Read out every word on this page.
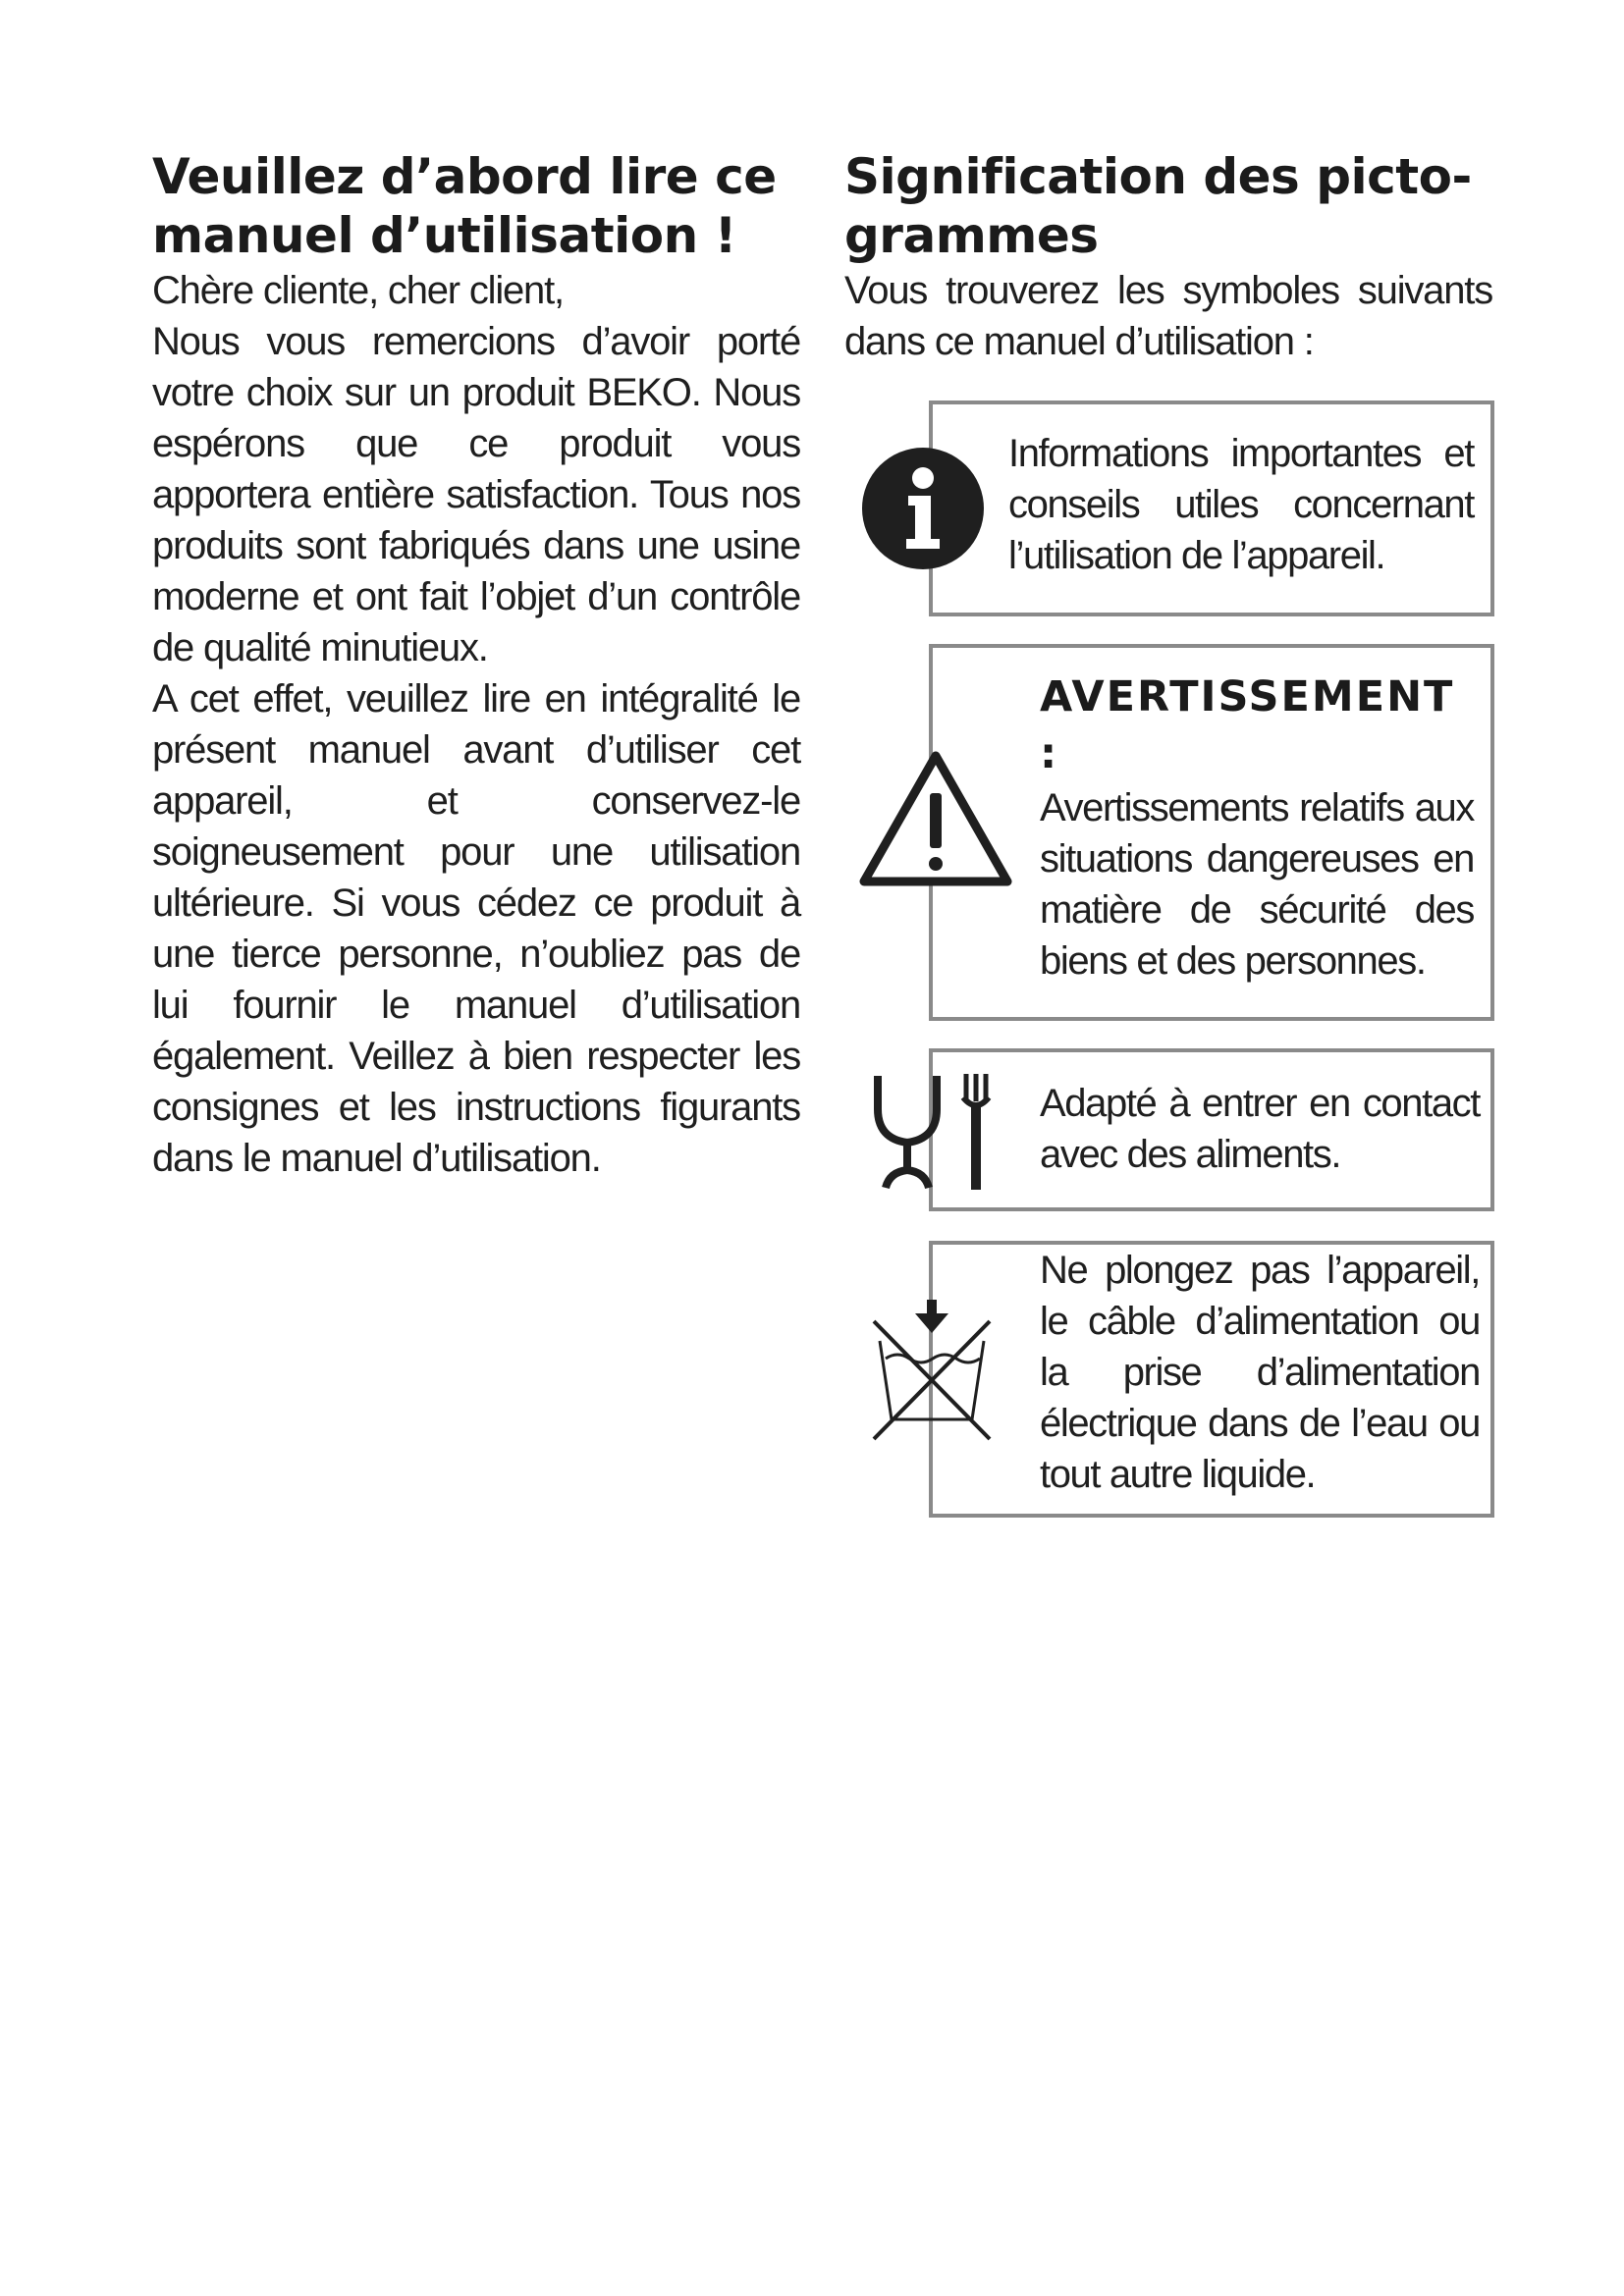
Veuillez d’abord lire ce
manuel d’utilisation !

Chère cliente, cher client,

Nous vous remercions d’avoir porté votre choix sur un produit BEKO. Nous espérons que ce produit vous apportera entière satisfaction. Tous nos produits sont fabriqués dans une usine moderne et ont fait l’objet d’un contrôle de qualité minutieux.

A cet effet, veuillez lire en intégralité le présent manuel avant d’utiliser cet appareil, et conservez-le soigneusement pour une utilisation ultérieure. Si vous cédez ce produit à une tierce personne, n’oubliez pas de lui fournir le manuel d’utilisation également. Veillez à bien respecter les consignes et les instructions figurants dans le manuel d’utilisation.

Signification des picto-
grammes

Vous trouverez les symboles suivants dans ce manuel d’utilisation :

Informations importantes et conseils utiles concernant l’utilisation de l’appareil.

AVERTISSEMENT :
Avertissements relatifs aux situations dangereuses en matière de sécurité des biens et des personnes.

Adapté à entrer en contact avec des aliments.

Ne plongez pas l’appareil, le câble d’alimentation ou la prise d’alimentation électrique dans de l’eau ou tout autre liquide.
